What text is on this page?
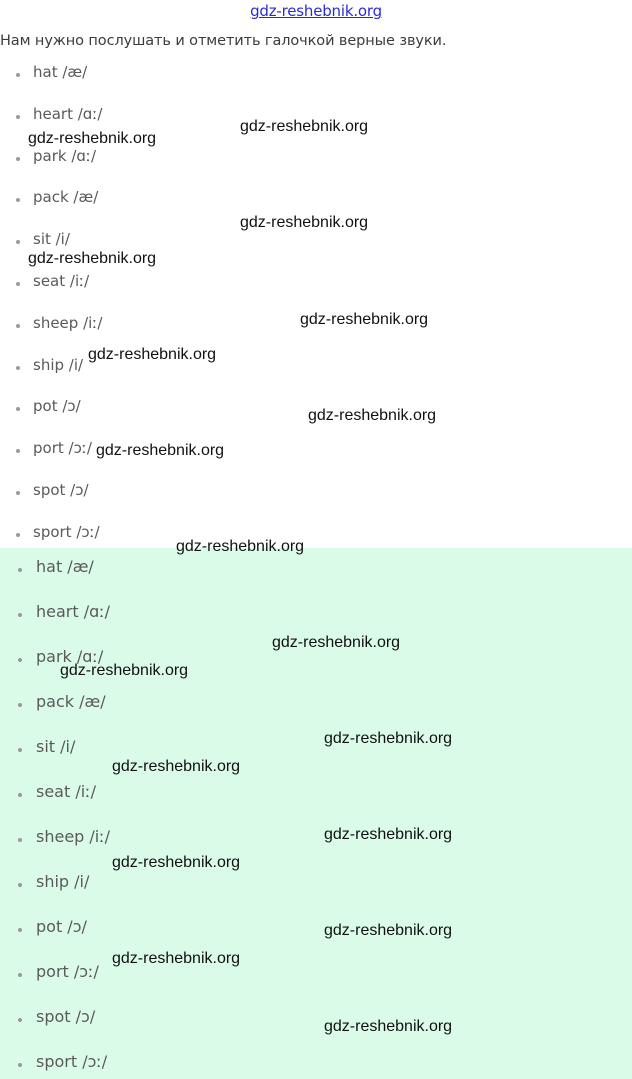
gdz-reshebnik.org
Нам нужно послушать и отметить галочкой верные звуки.
hat /æ/
heart /ɑː/
park /ɑː/
pack /æ/
sit /i/
seat /iː/
sheep /iː/
ship /i/
pot /ɔ/
port /ɔː/
spot /ɔ/
sport /ɔː/
hat /æ/
heart /ɑː/
park /ɑː/
pack /æ/
sit /i/
seat /iː/
sheep /iː/
ship /i/
pot /ɔ/
port /ɔː/
spot /ɔ/
sport /ɔː/
gdz-reshebnik.org
gdz-reshebnik.org
gdz-reshebnik.org
gdz-reshebnik.org
gdz-reshebnik.org
gdz-reshebnik.org
gdz-reshebnik.org
gdz-reshebnik.org
gdz-reshebnik.org
gdz-reshebnik.org
gdz-reshebnik.org
gdz-reshebnik.org
gdz-reshebnik.org
gdz-reshebnik.org
gdz-reshebnik.org
gdz-reshebnik.org
gdz-reshebnik.org
gdz-reshebnik.org
